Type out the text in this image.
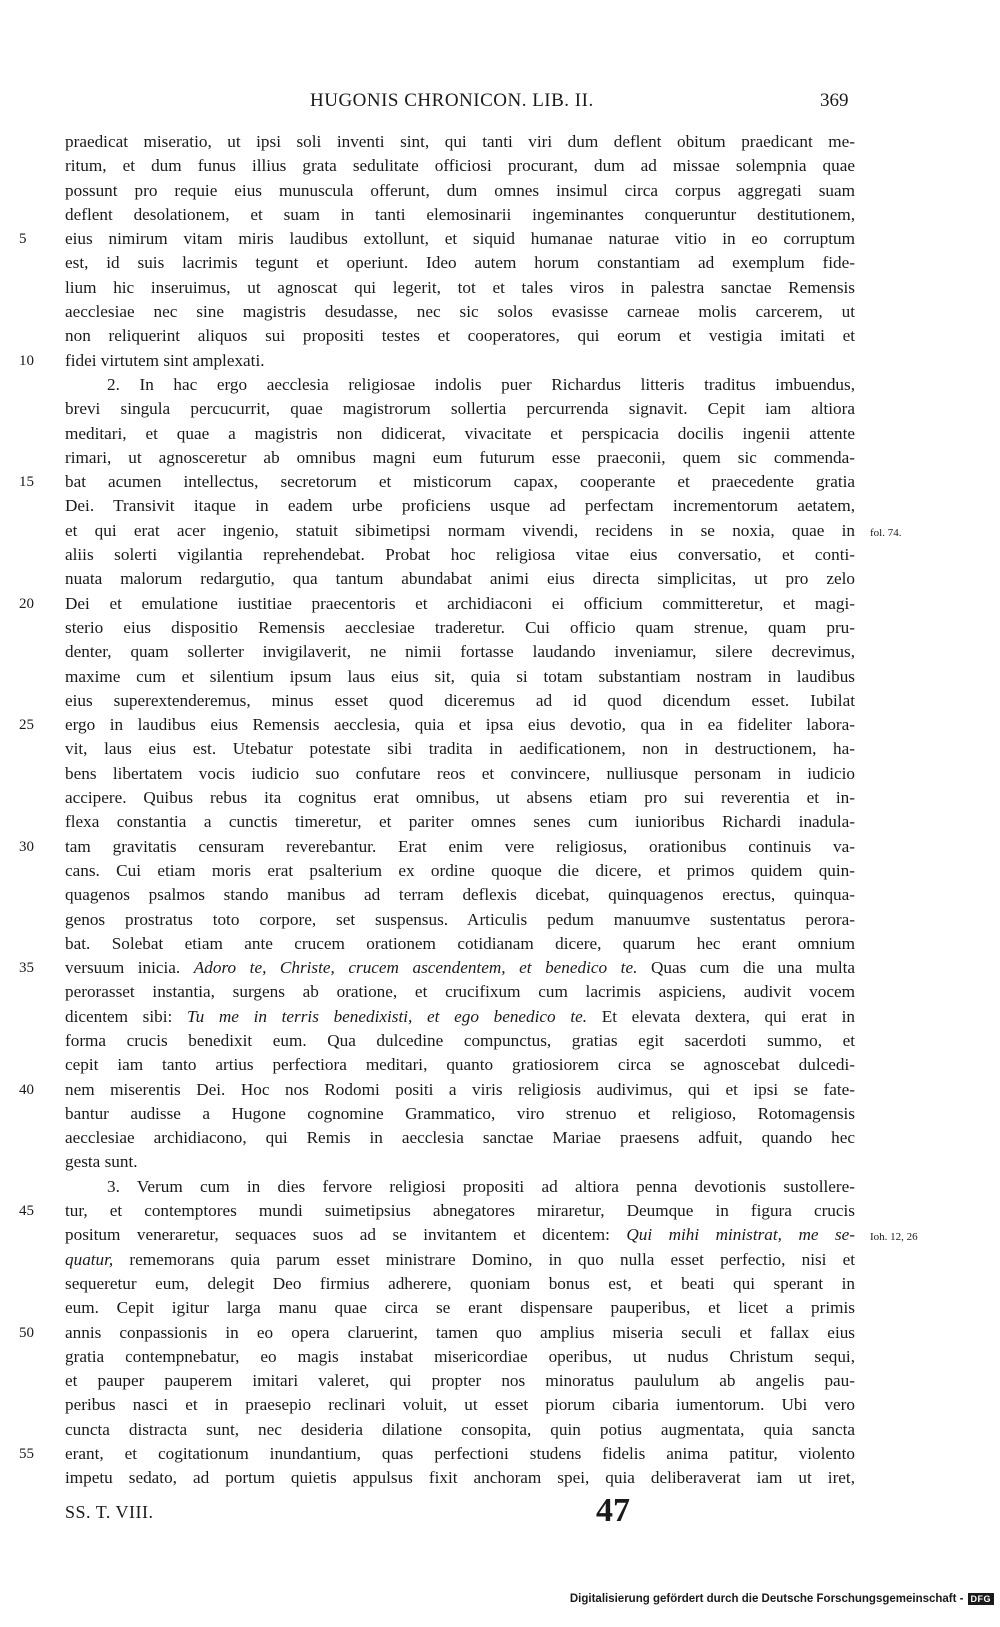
HUGONIS CHRONICON. LIB. II.	369
praedicat miseratio, ut ipsi soli inventi sint, qui tanti viri dum deflent obitum praedicant me-
ritum, et dum funus illius grata sedulitate officiosi procurant, dum ad missae solempnia quae
possunt pro requie eius munuscula offerunt, dum omnes insimul circa corpus aggregati suam
deflent desolationem, et suam in tanti elemosinarii ingeminantes conqueruntur destitutionem,
5	eius nimirum vitam miris laudibus extollunt, et siquid humanae naturae vitio in eo corruptum
est, id suis lacrimis tegunt et operiunt. Ideo autem horum constantiam ad exemplum fide-
lium hic inseruimus, ut agnoscat qui legerit, tot et tales viros in palestra sanctae Remensis
aecclesiae nec sine magistris desudasse, nec sic solos evasisse carneae molis carcerem, ut
non reliquerint aliquos sui propositi testes et cooperatores, qui eorum et vestigia imitati et
10	fidei virtutem sint amplexati.
2. In hac ergo aecclesia religiosae indolis puer Richardus litteris traditus imbuendus,
brevi singula percucurrit, quae magistrorum sollertia percurrenda signavit. Cepit iam altiora
meditari, et quae a magistris non didicerat, vivacitate et perspicacia docilis ingenii attente
rimari, ut agnosceretur ab omnibus magni eum futurum esse praeconii, quem sic commenda-
15	bat acumen intellectus, secretorum et misticorum capax, cooperante et praecedente gratia
Dei. Transivit itaque in eadem urbe proficiens usque ad perfectam incrementorum aetatem,
et qui erat acer ingenio, statuit sibimetipsi normam vivendi, recidens in se noxia, quae in fol. 74.
aliis solerti vigilantia reprehendebat. Probat hoc religiosa vitae eius conversatio, et conti-
nuata malorum redargutio, qua tantum abundabat animi eius directa simplicitas, ut pro zelo
20	Dei et emulatione iustitiae praecentoris et archidiaconi ei officium committeretur, et magi-
sterio eius dispositio Remensis aecclesiae traderetur. Cui officio quam strenue, quam pru-
denter, quam sollerter invigilaverit, ne nimii fortasse laudando inveniamur, silere decrevimus,
maxime cum et silentium ipsum laus eius sit, quia si totam substantiam nostram in laudibus
eius superextenderemus, minus esset quod diceremus ad id quod dicendum esset. Iubilat
25	ergo in laudibus eius Remensis aecclesia, quia et ipsa eius devotio, qua in ea fideliter labora-
vit, laus eius est. Utebatur potestate sibi tradita in aedificationem, non in destructionem, ha-
bens libertatem vocis iudicio suo confutare reos et convincere, nulliusque personam in iudicio
accipere. Quibus rebus ita cognitus erat omnibus, ut absens etiam pro sui reverentia et in-
flexa constantia a cunctis timeretur, et pariter omnes senes cum iunioribus Richardi inadula-
30	tam gravitatis censuram reverebantur. Erat enim vere religiosus, orationibus continuis va-
cans. Cui etiam moris erat psalterium ex ordine quoque die dicere, et primos quidem quin-
quagenos psalmos stando manibus ad terram deflexis dicebat, quinquagenos erectus, quinqua-
genos prostratus toto corpore, set suspensus. Articulis pedum manuumve sustentatus perora-
bat. Solebat etiam ante crucem orationem cotidianam dicere, quarum hec erant omnium
35	versuum inicia. Adoro te, Christe, crucem ascendentem, et benedico te. Quas cum die una multa
perorasset instantia, surgens ab oratione, et crucifixum cum lacrimis aspiciens, audivit vocem
dicentem sibi: Tu me in terris benedixisti, et ego benedico te. Et elevata dextera, qui erat in
forma crucis benedixit eum. Qua dulcedine compunctus, gratias egit sacerdoti summo, et
cepit iam tanto artius perfectiora meditari, quanto gratiosiorem circa se agnoscebat dulcedi-
40	nem miserentis Dei. Hoc nos Rodomi positi a viris religiosis audivimus, qui et ipsi se fate-
bantur audisse a Hugone cognomine Grammatico, viro strenuo et religioso, Rotomagensis
aecclesiae archidiacono, qui Remis in aecclesia sanctae Mariae praesens adfuit, quando hec
gesta sunt.
3. Verum cum in dies fervore religiosi propositi ad altiora penna devotionis sustollere-
45	tur, et contemptores mundi suimetipsius abnegatores miraretur, Deumque in figura crucis
positum veneraretur, sequaces suos ad se invitantem et dicentem: Qui mihi ministrat, me se- Ioh. 12, 26
quatur, rememorans quia parum esset ministrare Domino, in quo nulla esset perfectio, nisi et
sequeretur eum, delegit Deo firmius adherere, quoniam bonus est, et beati qui sperant in
eum. Cepit igitur larga manu quae circa se erant dispensare pauperibus, et licet a primis
50	annis conpassionis in eo opera claruerint, tamen quo amplius miseria seculi et fallax eius
gratia contempnebatur, eo magis instabat misericordiae operibus, ut nudus Christum sequi,
et pauper pauperem imitari valeret, qui propter nos minoratus paululum ab angelis pau-
peribus nasci et in praesepio reclinari voluit, ut esset piorum cibaria iumentorum. Ubi vero
cuncta distracta sunt, nec desideria dilatione consopita, quin potius augmentata, quia sancta
55	erant, et cogitationum inundantium, quas perfectioni studens fidelis anima patitur, violento
impetu sedato, ad portum quietis appulsus fixit anchoram spei, quia deliberaverat iam ut iret,
SS. T. VIII.	47
Digitalisierung gefördert durch die Deutsche Forschungsgemeinschaft - DFG
